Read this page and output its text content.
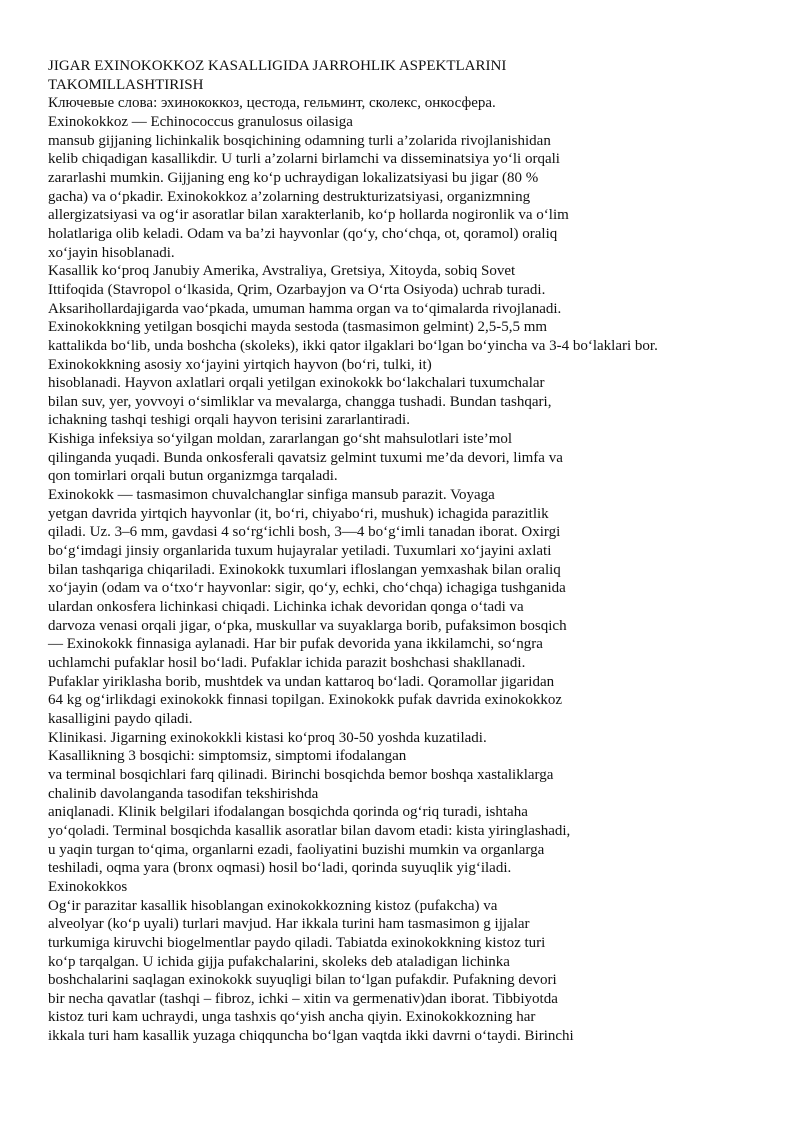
JIGAR EXINOKOKKOZ KASALLIGIDA JARROHLIK ASPEKTLARINI
TAKOMILLASHTIRISH
Ключевые слова: эхинококкоз, цестода, гельминт, сколекс, онкосфера.
Exinokokkoz — Echinococcus granulosus oilasiga
mansub gijjaning lichinkalik bosqichining odamning turli a’zolarida rivojlanishidan
kelib chiqadigan kasallikdir. U turli a’zolarni birlamchi va disseminatsiya yo‘li orqali
zararlashi mumkin. Gijjaning eng ko‘p uchraydigan lokalizatsiyasi bu jigar (80 %
gacha) va o‘pkadir. Exinokokkoz a’zolarning destrukturizatsiyasi, organizmning
allergizatsiyasi va og‘ir asoratlar bilan xarakterlanib, ko‘p hollarda nogironlik va o‘lim
holatlariga olib keladi. Odam va ba’zi hayvonlar (qo‘y, cho‘chqa, ot, qoramol) oraliq
xo‘jayin hisoblanadi.
Kasallik ko‘proq Janubiy Amerika, Avstraliya, Gretsiya, Xitoyda, sobiq Sovet
Ittifoqida (Stavropol o‘lkasida, Qrim, Ozarbayjon va O‘rta Osiyoda) uchrab turadi.
Aksarihollardajigarda vao‘pkada, umuman hamma organ va to‘qimalarda rivojlanadi.
Exinokokkning yetilgan bosqichi mayda sestoda (tasmasimon gelmint) 2,5-5,5 mm
kattalikda bo‘lib, unda boshcha (skoleks), ikki qator ilgaklari bo‘lgan bo‘yincha va 3-4 bo‘laklari bor.
Exinokokkning asosiy xo‘jayini yirtqich hayvon (bo‘ri, tulki, it)
hisoblanadi. Hayvon axlatlari orqali yetilgan exinokokk bo‘lakchalari tuxumchalar
bilan suv, yer, yovvoyi o‘simliklar va mevalarga, changga tushadi. Bundan tashqari,
ichakning tashqi teshigi orqali hayvon terisini zararlantiradi.
Kishiga infeksiya so‘yilgan moldan, zararlangan go‘sht mahsulotlari iste’mol
qilinganda yuqadi. Bunda onkosferali qavatsiz gelmint tuxumi me’da devori, limfa va
qon tomirlari orqali butun organizmga tarqaladi.
Exinokokk — tasmasimon chuvalchanglar sinfiga mansub parazit. Voyaga
yetgan davrida yirtqich hayvonlar (it, bo‘ri, chiyabo‘ri, mushuk) ichagida parazitlik
qiladi. Uz. 3–6 mm, gavdasi 4 so‘rg‘ichli bosh, 3—4 bo‘g‘imli tanadan iborat. Oxirgi
bo‘g‘imdagi jinsiy organlarida tuxum hujayralar yetiladi. Tuxumlari xo‘jayini axlati
bilan tashqariga chiqariladi. Exinokokk tuxumlari ifloslangan yemxashak bilan oraliq
xo‘jayin (odam va o‘txo‘r hayvonlar: sigir, qo‘y, echki, cho‘chqa) ichagiga tushganida
ulardan onkosfera lichinkasi chiqadi. Lichinka ichak devoridan qonga o‘tadi va
darvoza venasi orqali jigar, o‘pka, muskullar va suyaklarga borib, pufaksimon bosqich
— Exinokokk finnasiga aylanadi. Har bir pufak devorida yana ikkilamchi, so‘ngra
uchlamchi pufaklar hosil bo‘ladi. Pufaklar ichida parazit boshchasi shakllanadi.
Pufaklar yiriklasha borib, mushtdek va undan kattaroq bo‘ladi. Qoramollar jigaridan
64 kg og‘irlikdagi exinokokk finnasi topilgan. Exinokokk pufak davrida exinokokkoz
kasalligini paydo qiladi.
Klinikasi. Jigarning exinokokkli kistasi ko‘proq 30-50 yoshda kuzatiladi.
Kasallikning 3 bosqichi: simptomsiz, simptomi ifodalangan
va terminal bosqichlari farq qilinadi. Birinchi bosqichda bemor boshqa xastaliklarga
chalinib davolanganda tasodifan tekshirishda
aniqlanadi. Klinik belgilari ifodalangan bosqichda qorinda og‘riq turadi, ishtaha
yo‘qoladi. Terminal bosqichda kasallik asoratlar bilan davom etadi: kista yiringlashadi,
u yaqin turgan to‘qima, organlarni ezadi, faoliyatini buzishi mumkin va organlarga
teshiladi, oqma yara (bronx oqmasi) hosil bo‘ladi, qorinda suyuqlik yig‘iladi.
Exinokokkos
Og‘ir parazitar kasallik hisoblangan exinokokkozning kistoz (pufakcha) va
alveolyar (ko‘p uyali) turlari mavjud. Har ikkala turini ham tasmasimon g ijjalar
turkumiga kiruvchi biogelmentlar paydo qiladi. Tabiatda exinokokkning kistoz turi
ko‘p tarqalgan. U ichida gijja pufakchalarini, skoleks deb ataladigan lichinka
boshchalarini saqlagan exinokokk suyuqligi bilan to‘lgan pufakdir. Pufakning devori
bir necha qavatlar (tashqi – fibroz, ichki – xitin va germenativ)dan iborat. Tibbiyotda
kistoz turi kam uchraydi, unga tashxis qo‘yish ancha qiyin. Exinokokkozning har
ikkala turi ham kasallik yuzaga chiqquncha bo‘lgan vaqtda ikki davrni o‘taydi. Birinchi
